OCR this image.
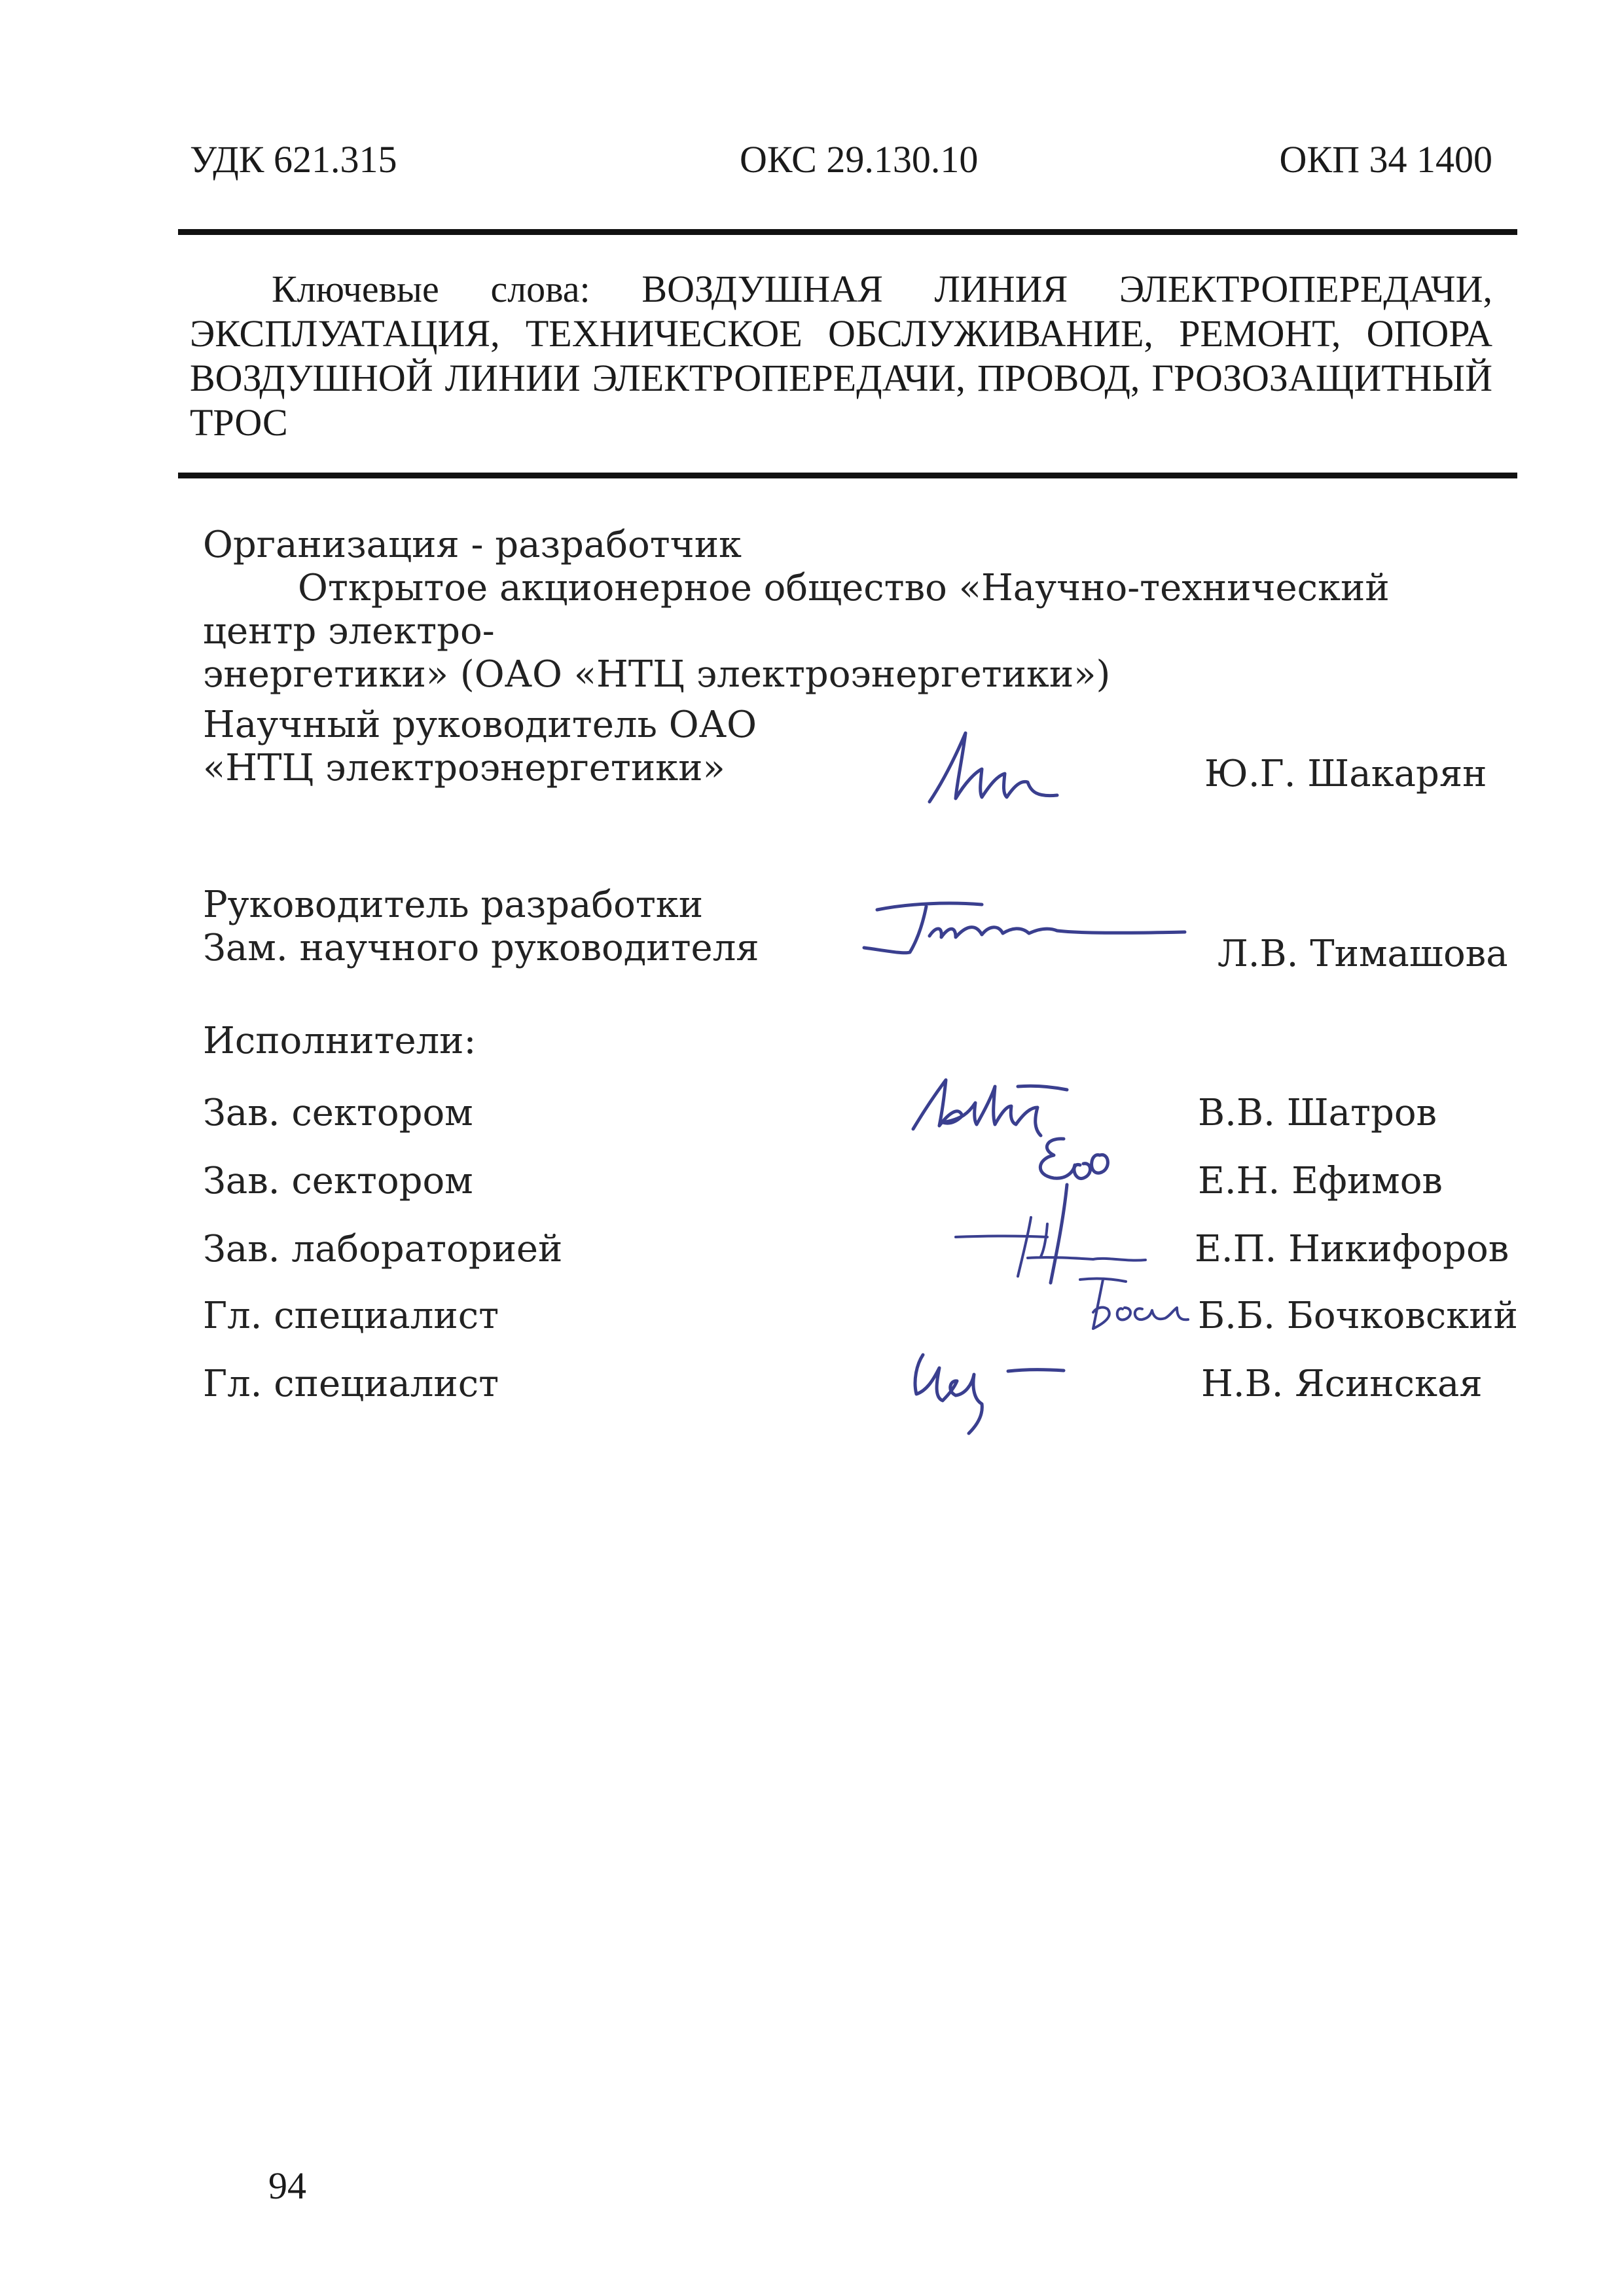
УДК 621.315	ОКС 29.130.10	ОКП 34 1400
Ключевые слова: ВОЗДУШНАЯ ЛИНИЯ ЭЛЕКТРОПЕРЕДАЧИ,
ЭКСПЛУАТАЦИЯ, ТЕХНИЧЕСКОЕ ОБСЛУЖИВАНИЕ, РЕМОНТ, ОПОРА
ВОЗДУШНОЙ ЛИНИИ ЭЛЕКТРОПЕРЕДАЧИ, ПРОВОД, ГРОЗОЗАЩИТНЫЙ
ТРОС
Организация - разработчик
Открытое акционерное общество «Научно-технический центр электро-
энергетики» (ОАО «НТЦ электроэнергетики»)
Научный руководитель ОАО
«НТЦ электроэнергетики»	Ю.Г. Шакарян
Руководитель разработки
Зам. научного руководителя	Л.В. Тимашова
Исполнители:
Зав. сектором	В.В. Шатров
Зав. сектором	Е.Н. Ефимов
Зав. лабораторией	Е.П. Никифоров
Гл. специалист	Б.Б. Бочковский
Гл. специалист	Н.В. Ясинская
94
